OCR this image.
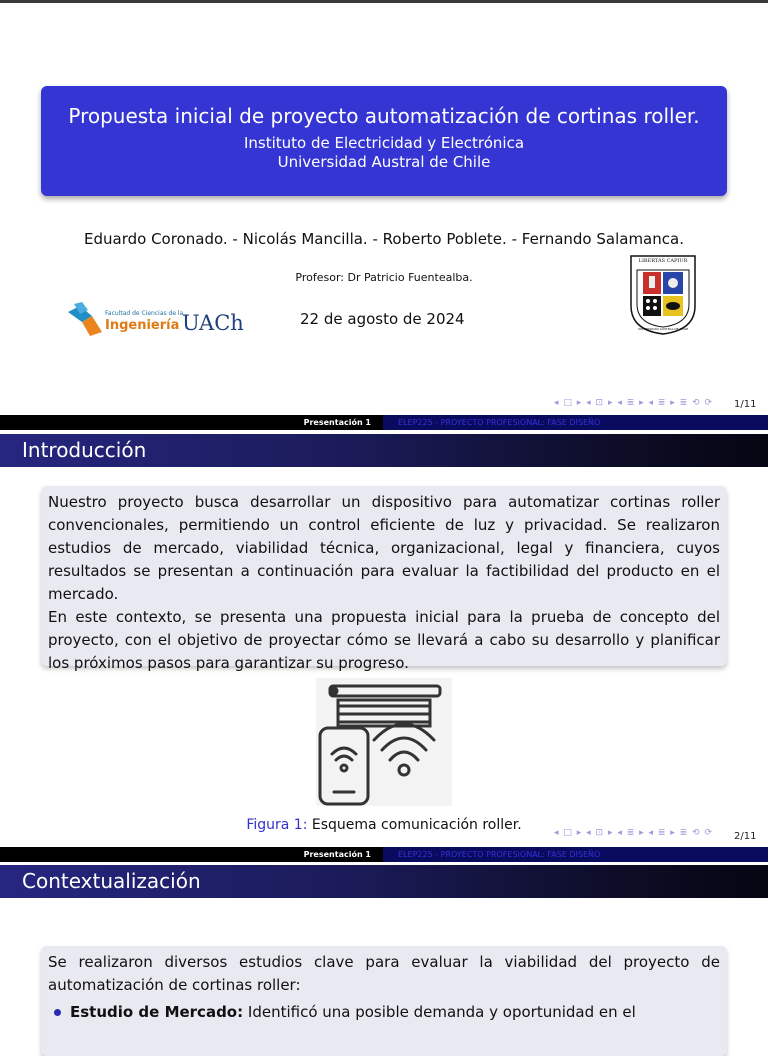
Propuesta inicial de proyecto automatización de cortinas roller.
Instituto de Electricidad y Electrónica
Universidad Austral de Chile
Eduardo Coronado. - Nicolás Mancilla. - Roberto Poblete. - Fernando Salamanca.
Profesor: Dr Patricio Fuentealba.
Facultad de Ciencias de la
Ingeniería UACh	22 de agosto de 2024
LIBERTAS CAPIUR
UNIVERSIDAD AUSTRAL DE CHILE
◂ □ ▸ ◂ ⊡ ▸ ◂ ≣ ▸ ◂ ≣ ▸ ≣ ⟲ ⟳ 1/11
Presentación 1	ELEP225 - PROYECTO PROFESIONAL: FASE DISEÑO
Introducción
Nuestro proyecto busca desarrollar un dispositivo para automatizar cortinas roller convencionales, permitiendo un control eficiente de luz y privacidad. Se realizaron estudios de mercado, viabilidad técnica, organizacional, legal y financiera, cuyos resultados se presentan a continuación para evaluar la factibilidad del producto en el mercado.
En este contexto, se presenta una propuesta inicial para la prueba de concepto del proyecto, con el objetivo de proyectar cómo se llevará a cabo su desarrollo y planificar los próximos pasos para garantizar su progreso.
Figura 1: Esquema comunicación roller.	◂ □ ▸ ◂ ⊡ ▸ ◂ ≣ ▸ ◂ ≣ ▸ ≣ ⟲ ⟳ 2/11
Presentación 1	ELEP225 - PROYECTO PROFESIONAL: FASE DISEÑO
Contextualización
Se realizaron diversos estudios clave para evaluar la viabilidad del proyecto de automatización de cortinas roller:
Estudio de Mercado: Identificó una posible demanda y oportunidad en el
